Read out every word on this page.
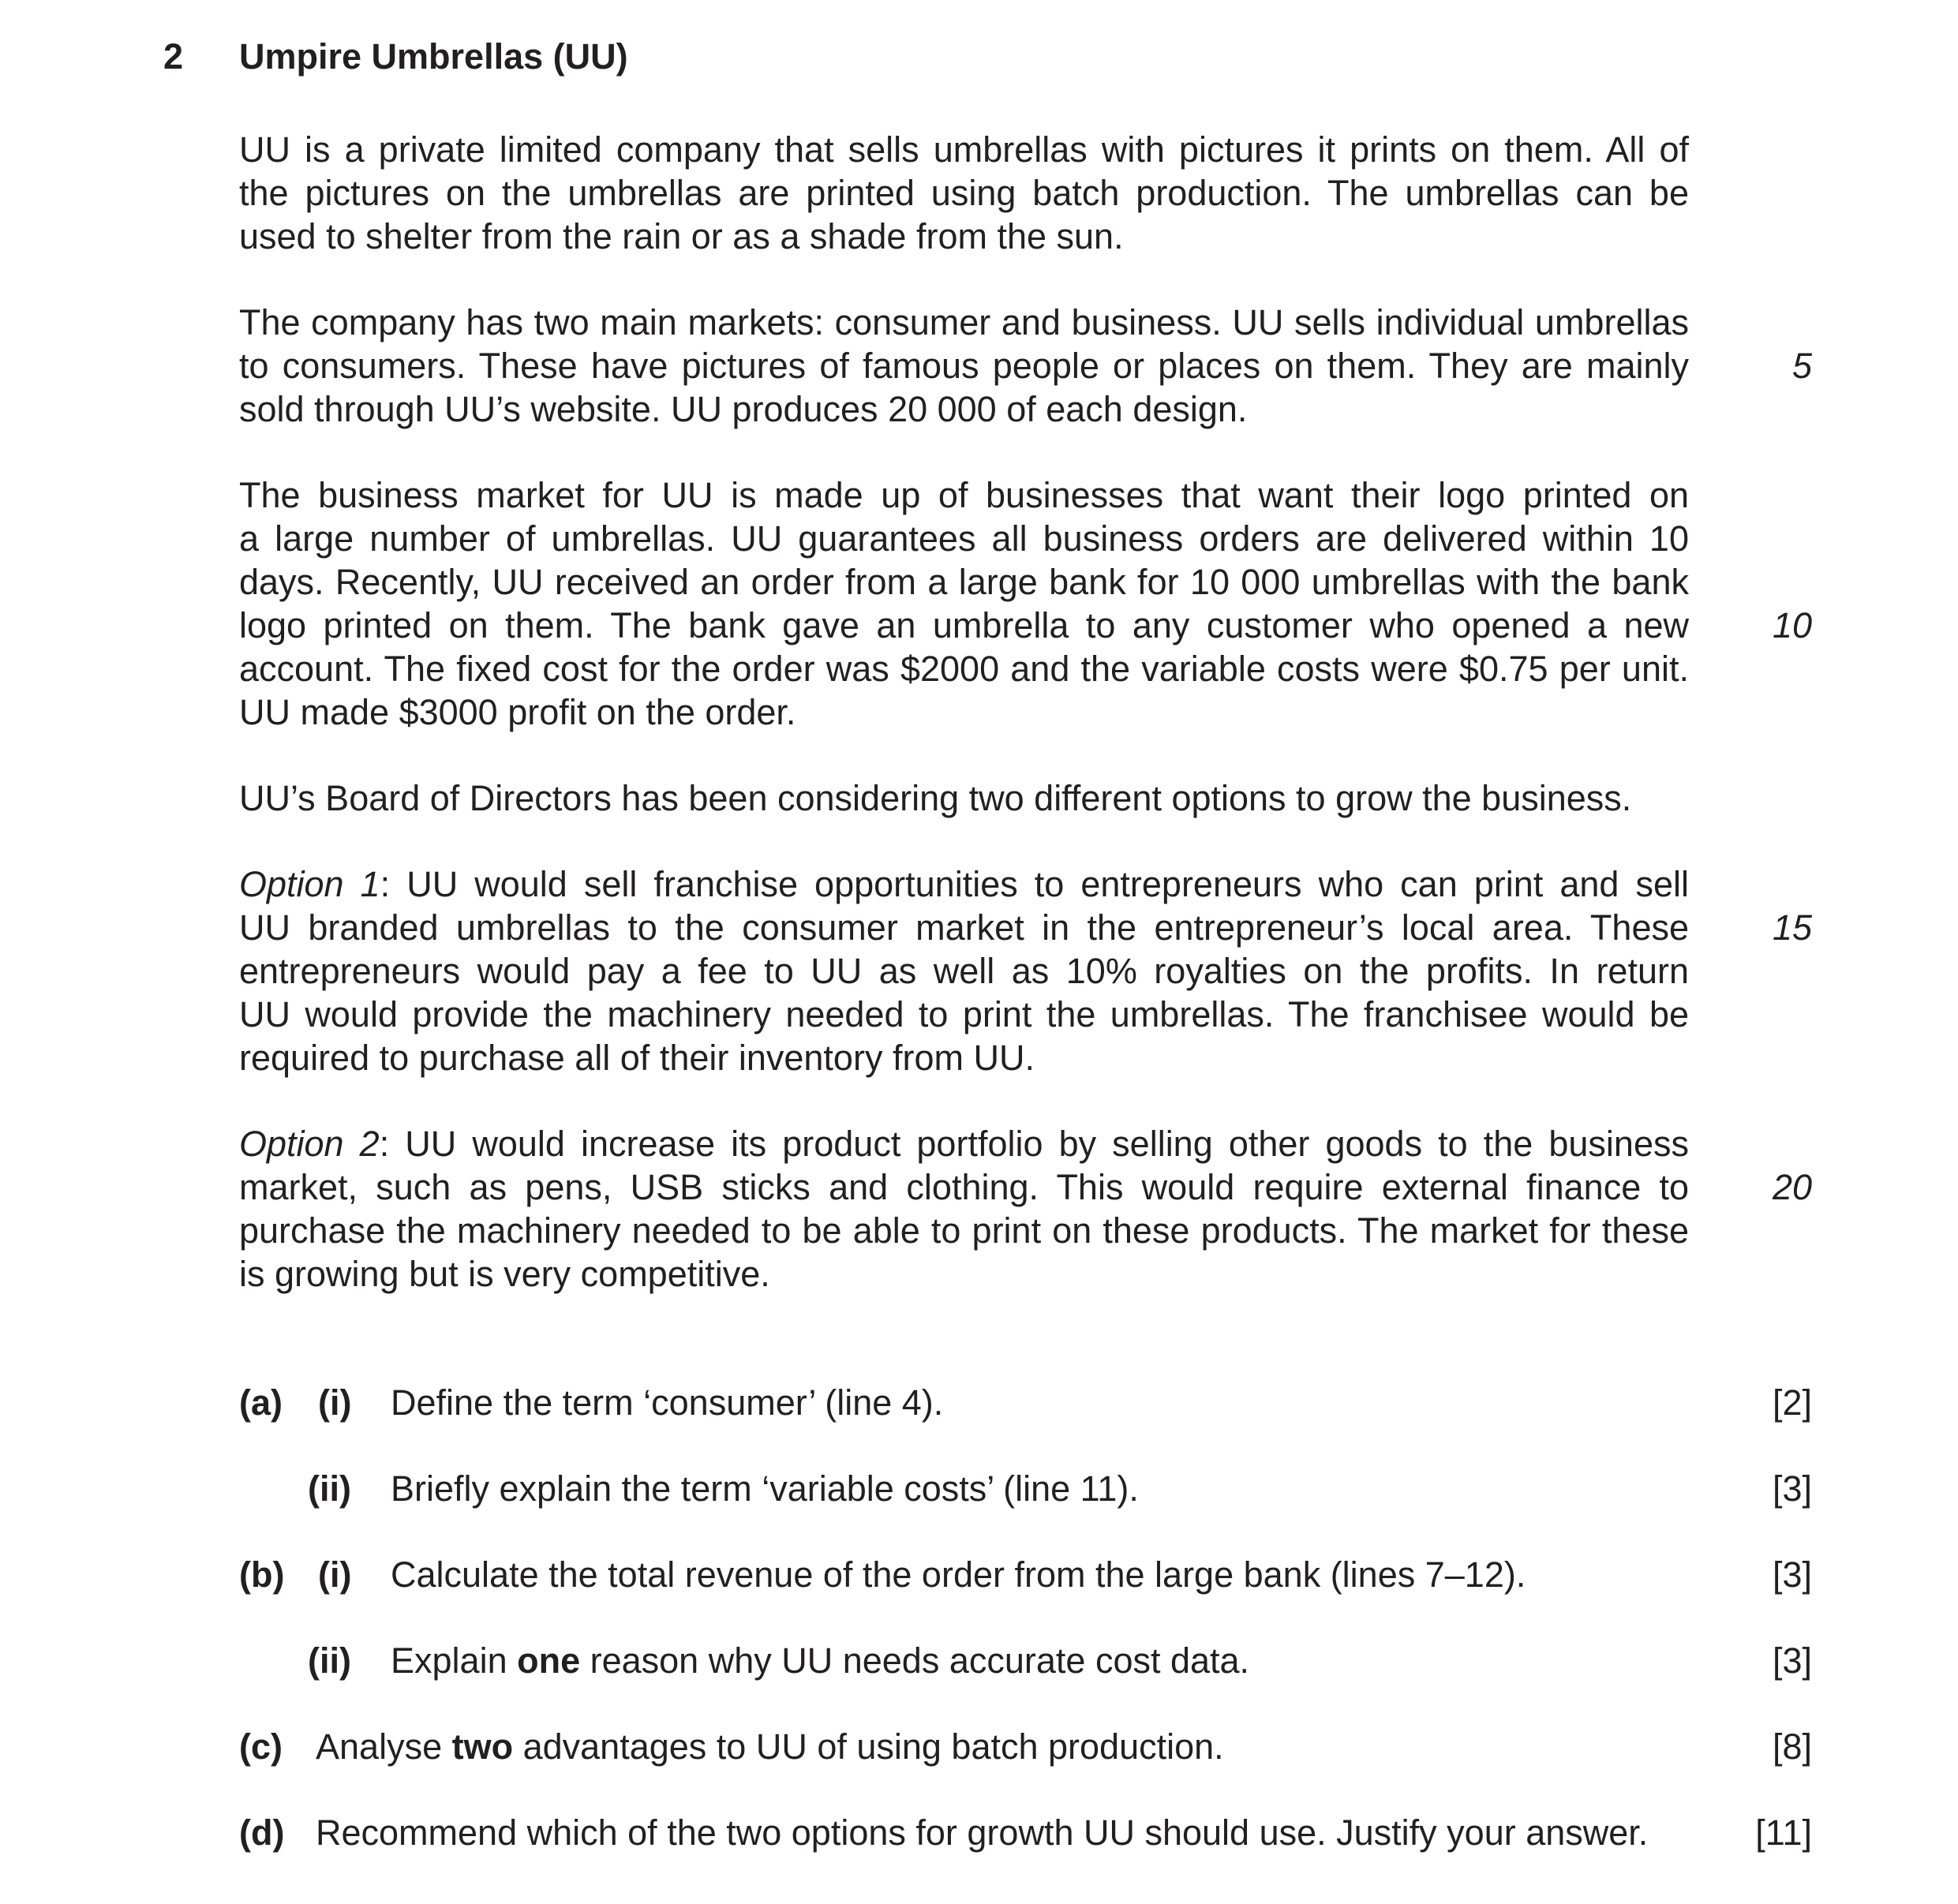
2 Umpire Umbrellas (UU)
UU is a private limited company that sells umbrellas with pictures it prints on them. All of
the pictures on the umbrellas are printed using batch production. The umbrellas can be
used to shelter from the rain or as a shade from the sun.
The company has two main markets: consumer and business. UU sells individual umbrellas
to consumers. These have pictures of famous people or places on them. They are mainly
sold through UU’s website. UU produces 20 000 of each design.
The business market for UU is made up of businesses that want their logo printed on
a large number of umbrellas. UU guarantees all business orders are delivered within 10
days. Recently, UU received an order from a large bank for 10 000 umbrellas with the bank
logo printed on them. The bank gave an umbrella to any customer who opened a new
account. The fixed cost for the order was $2000 and the variable costs were $0.75 per unit.
UU made $3000 profit on the order.
UU’s Board of Directors has been considering two different options to grow the business.
Option 1: UU would sell franchise opportunities to entrepreneurs who can print and sell
UU branded umbrellas to the consumer market in the entrepreneur’s local area. These
entrepreneurs would pay a fee to UU as well as 10% royalties on the profits. In return
UU would provide the machinery needed to print the umbrellas. The franchisee would be
required to purchase all of their inventory from UU.
Option 2: UU would increase its product portfolio by selling other goods to the business
market, such as pens, USB sticks and clothing. This would require external finance to
purchase the machinery needed to be able to print on these products. The market for these
is growing but is very competitive.
5
10
15
20
(a) (i) Define the term ‘consumer’ (line 4).	[2]
(ii) Briefly explain the term ‘variable costs’ (line 11).	[3]
(b) (i) Calculate the total revenue of the order from the large bank (lines 7–12).	[3]
(ii) Explain one reason why UU needs accurate cost data.	[3]
(c) Analyse two advantages to UU of using batch production.	[8]
(d) Recommend which of the two options for growth UU should use. Justify your answer.	[11]
